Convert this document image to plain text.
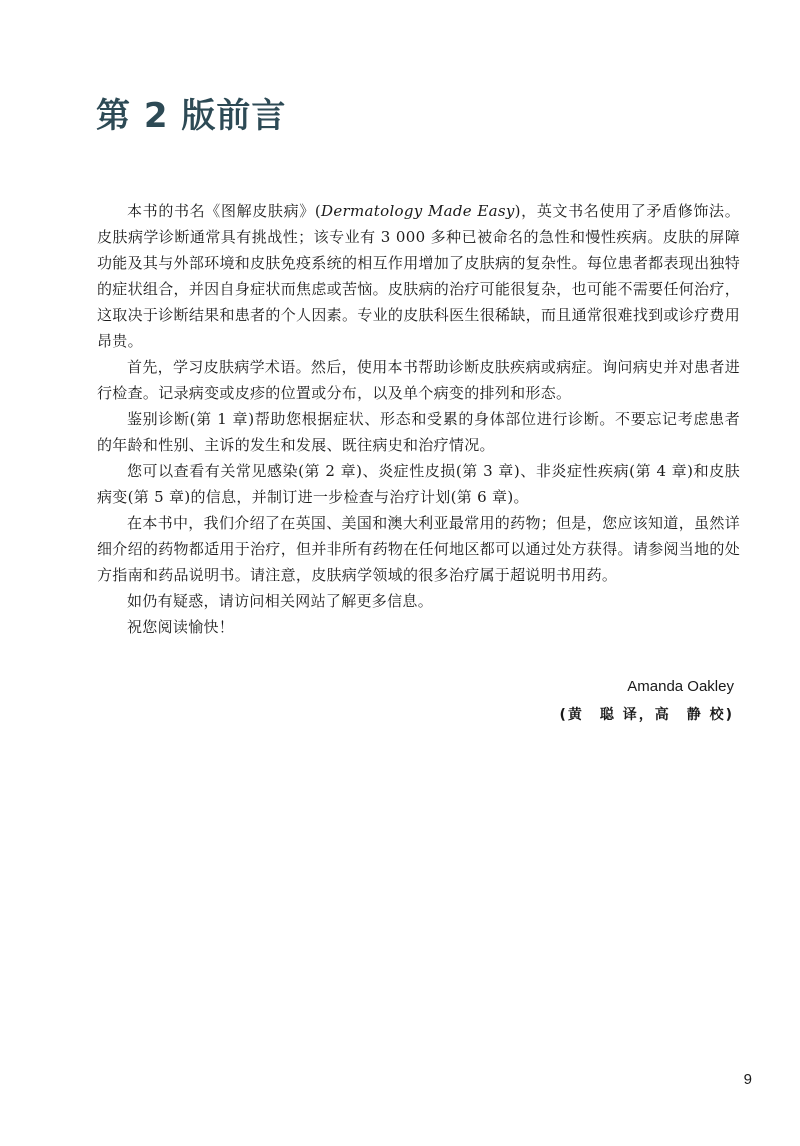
第 2 版前言

本书的书名《图解皮肤病》(Dermatology Made Easy)，英文书名使用了矛盾修饰法。皮肤病学诊断通常具有挑战性；该专业有 3 000 多种已被命名的急性和慢性疾病。皮肤的屏障功能及其与外部环境和皮肤免疫系统的相互作用增加了皮肤病的复杂性。每位患者都表现出独特的症状组合，并因自身症状而焦虑或苦恼。皮肤病的治疗可能很复杂，也可能不需要任何治疗，这取决于诊断结果和患者的个人因素。专业的皮肤科医生很稀缺，而且通常很难找到或诊疗费用昂贵。

首先，学习皮肤病学术语。然后，使用本书帮助诊断皮肤疾病或病症。询问病史并对患者进行检查。记录病变或皮疹的位置或分布，以及单个病变的排列和形态。

鉴别诊断(第 1 章)帮助您根据症状、形态和受累的身体部位进行诊断。不要忘记考虑患者的年龄和性别、主诉的发生和发展、既往病史和治疗情况。

您可以查看有关常见感染(第 2 章)、炎症性皮损(第 3 章)、非炎症性疾病(第 4 章)和皮肤病变(第 5 章)的信息，并制订进一步检查与治疗计划(第 6 章)。

在本书中，我们介绍了在英国、美国和澳大利亚最常用的药物；但是，您应该知道，虽然详细介绍的药物都适用于治疗，但并非所有药物在任何地区都可以通过处方获得。请参阅当地的处方指南和药品说明书。请注意，皮肤病学领域的很多治疗属于超说明书用药。

如仍有疑惑，请访问相关网站了解更多信息。

祝您阅读愉快！

Amanda Oakley
(黄　聪 译，高　静 校)
9
